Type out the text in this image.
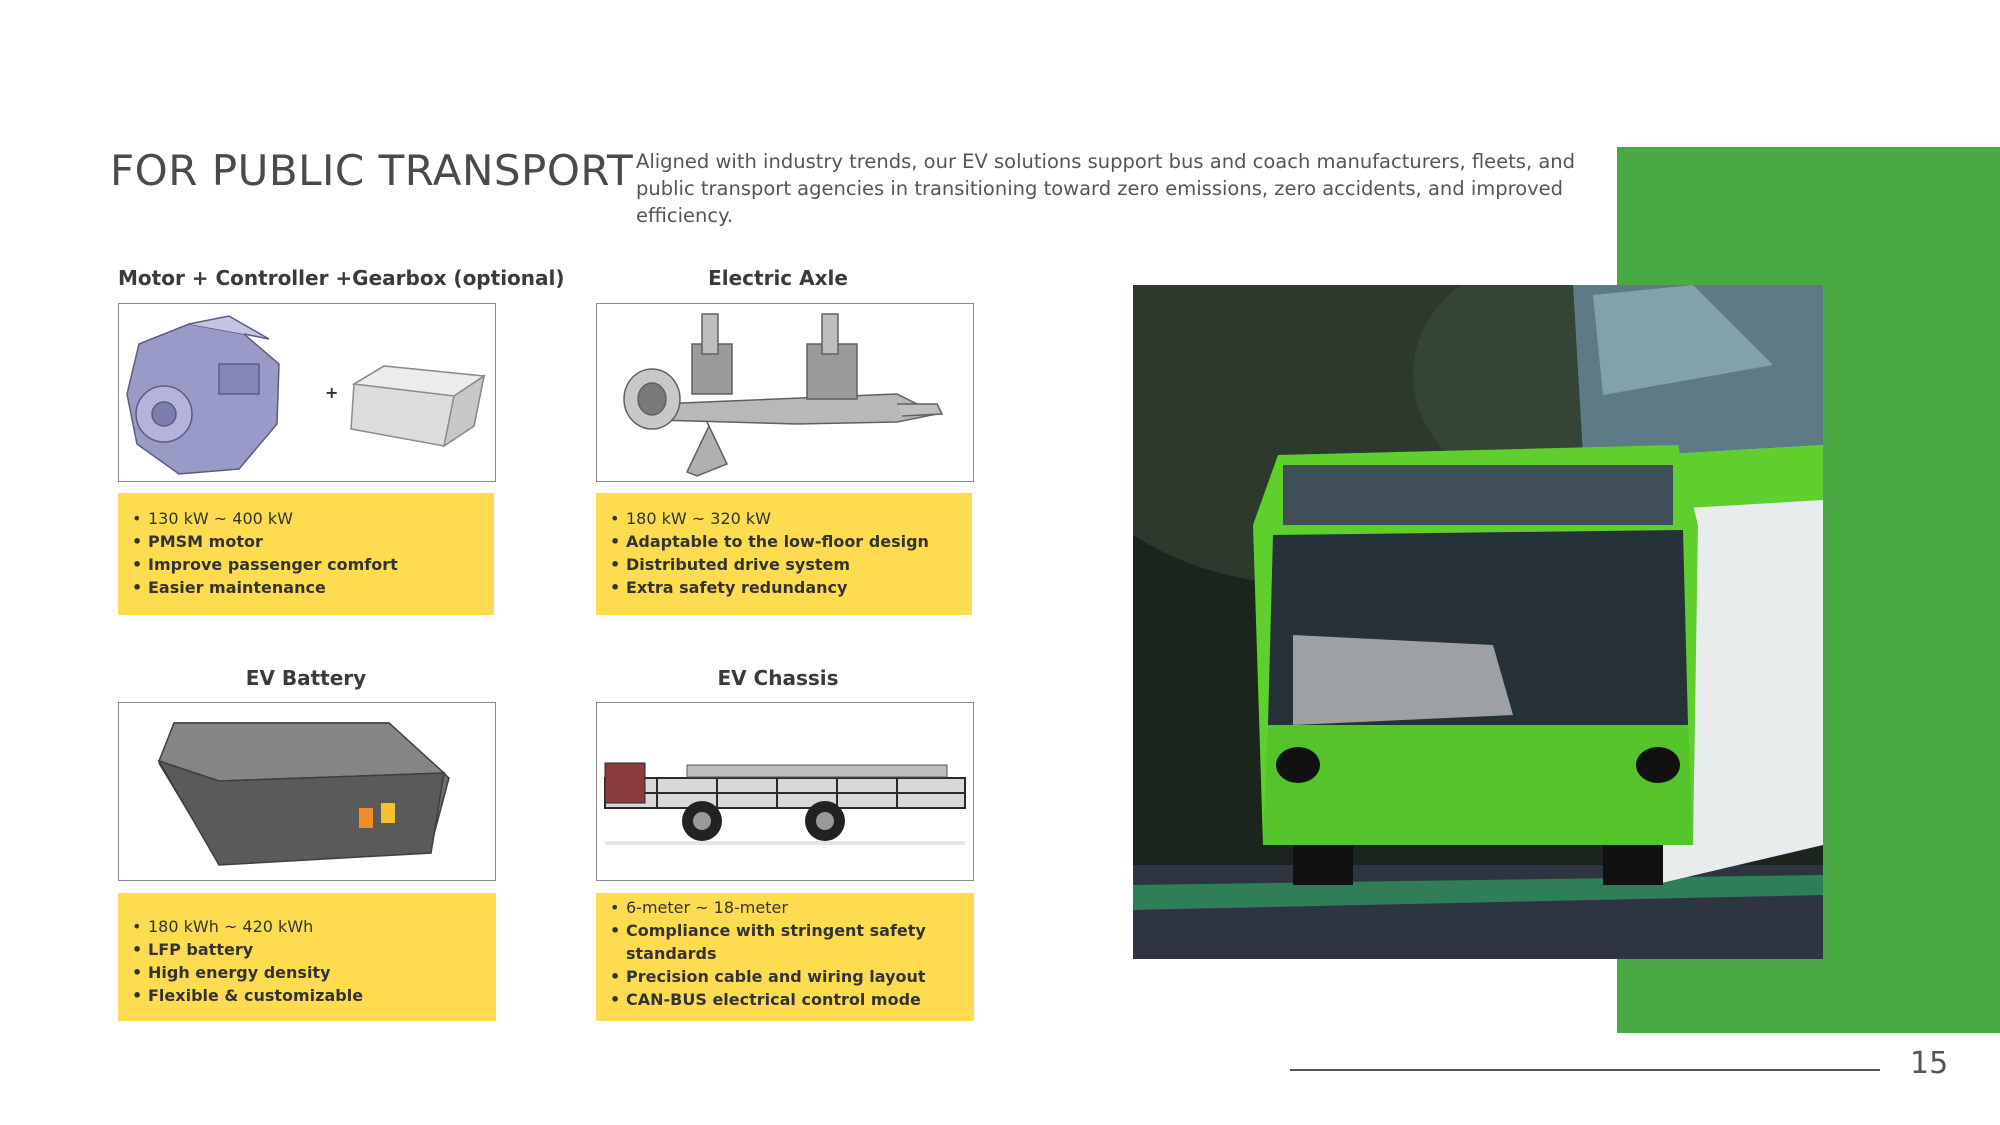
FOR PUBLIC TRANSPORT Aligned with industry trends, our EV solutions support bus and coach manufacturers, fleets, and public transport agencies in transitioning toward zero emissions, zero accidents, and improved efficiency.
Motor + Controller +Gearbox (optional)
+
• 130 kW ~ 400 kW
• PMSM motor
• Improve passenger comfort
• Easier maintenance
Electric Axle
• 180 kW ~ 320 kW
• Adaptable to the low-floor design
• Distributed drive system
• Extra safety redundancy
EV Battery
• 180 kWh ~ 420 kWh
• LFP battery
• High energy density
• Flexible & customizable
EV Chassis
• 6-meter ~ 18-meter
• Compliance with stringent safety standards
• Precision cable and wiring layout
• CAN-BUS electrical control mode
15
